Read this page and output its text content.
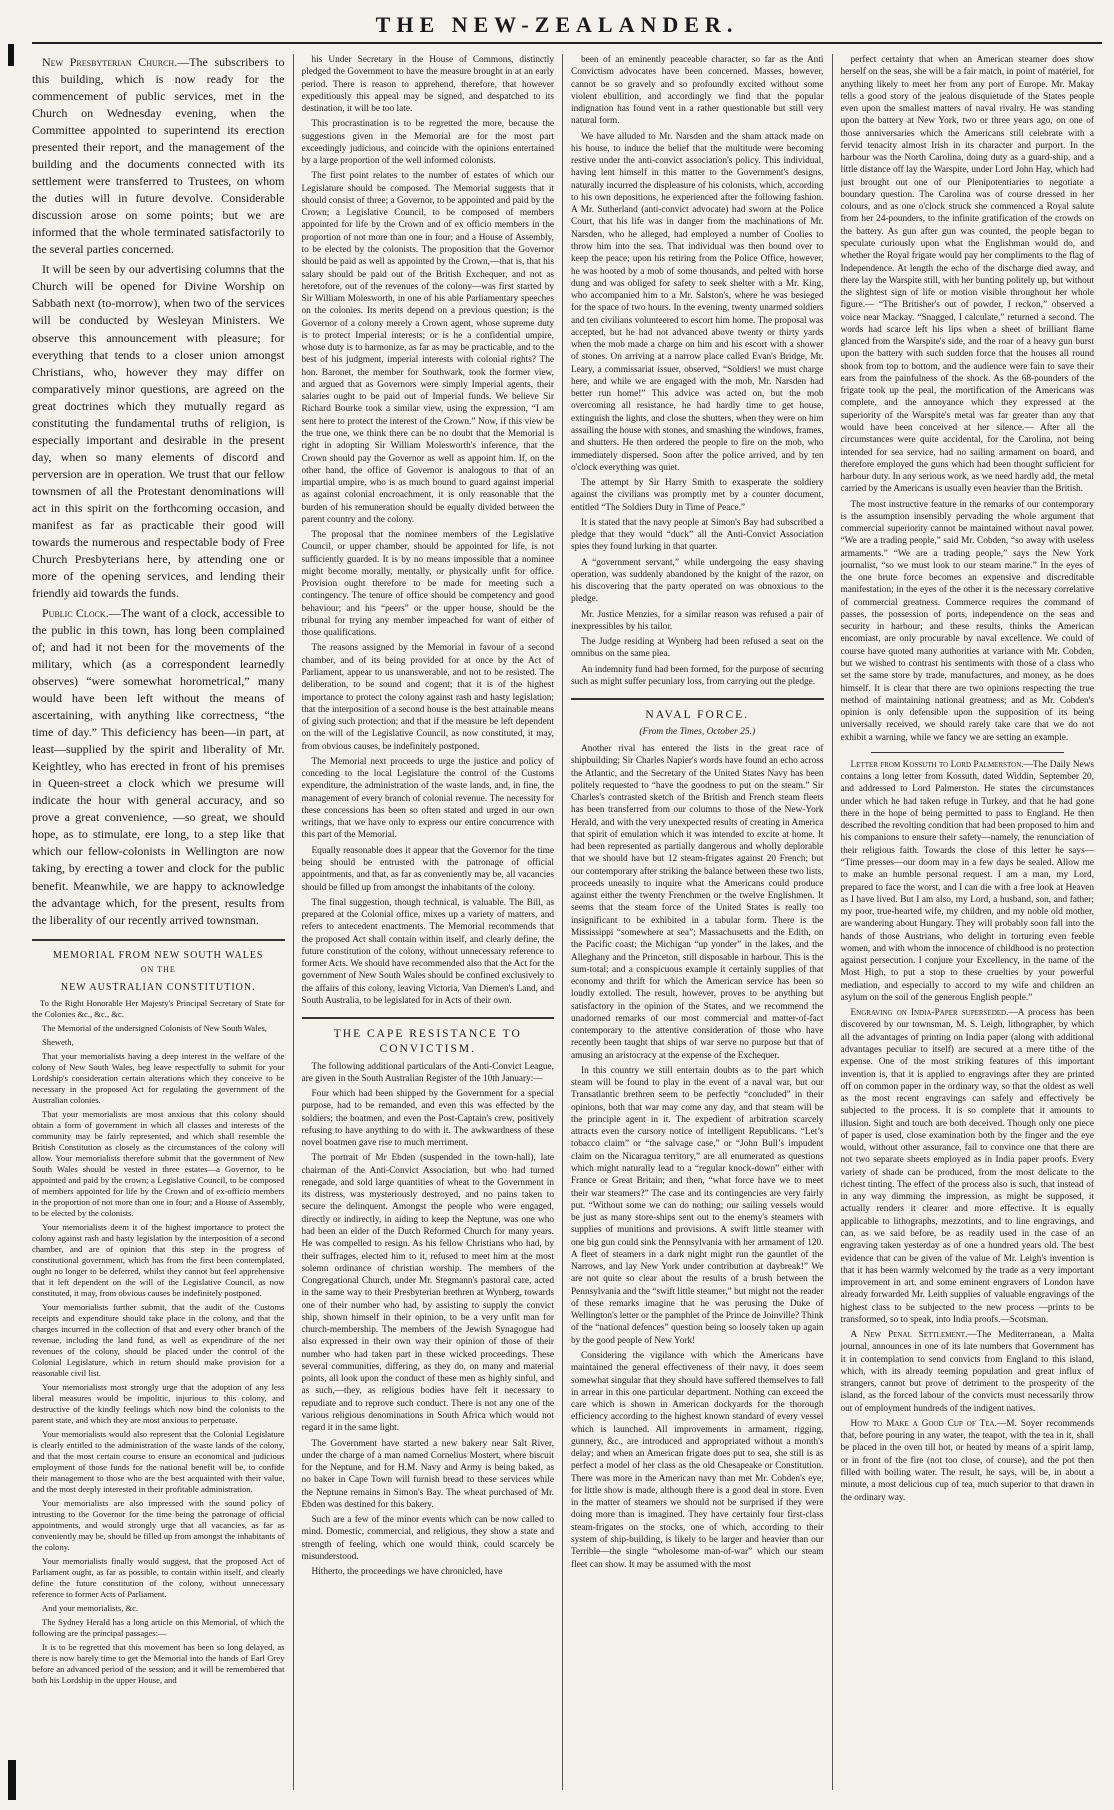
THE NEW-ZEALANDER.

New Presbyterian Church.—The subscribers to this building, which is now ready for the commencement of public services, met in the Church on Wednesday evening, when the Committee appointed to superintend its erection presented their report, and the management of the building and the documents connected with its settlement were transferred to Trustees, on whom the duties will in future devolve. Considerable discussion arose on some points; but we are informed that the whole terminated satisfactorily to the several parties concerned.

It will be seen by our advertising columns that the Church will be opened for Divine Worship on Sabbath next (to-morrow), when two of the services will be conducted by Wesleyan Ministers. We observe this announcement with pleasure; for everything that tends to a closer union amongst Christians, who, however they may differ on comparatively minor questions, are agreed on the great doctrines which they mutually regard as constituting the fundamental truths of religion, is especially important and desirable in the present day, when so many elements of discord and perversion are in operation. We trust that our fellow townsmen of all the Protestant denominations will act in this spirit on the forthcoming occasion, and manifest as far as practicable their good will towards the numerous and respectable body of Free Church Presbyterians here, by attending one or more of the opening services, and lending their friendly aid towards the funds.

Public Clock.—The want of a clock, accessible to the public in this town, has long been complained of; and had it not been for the movements of the military, which (as a correspondent learnedly observes) “were somewhat horometrical,” many would have been left without the means of ascertaining, with anything like correctness, “the time of day.” This deficiency has been—in part, at least—supplied by the spirit and liberality of Mr. Keightley, who has erected in front of his premises in Queen-street a clock which we presume will indicate the hour with general accuracy, and so prove a great convenience, —so great, we should hope, as to stimulate, ere long, to a step like that which our fellow-colonists in Wellington are now taking, by erecting a tower and clock for the public benefit. Meanwhile, we are happy to acknowledge the advantage which, for the present, results from the liberality of our recently arrived townsman.

MEMORIAL FROM NEW SOUTH WALES
ON THE
NEW AUSTRALIAN CONSTITUTION.

To the Right Honorable Her Majesty's Principal Secretary of State for the Colonies &c., &c., &c.

The Memorial of the undersigned Colonists of New South Wales,

Sheweth,

That your memorialists having a deep interest in the welfare of the colony of New South Wales, beg leave respectfully to submit for your Lordship's consideration certain alterations which they conceive to be necessary in the proposed Act for regulating the government of the Australian colonies.

That your memorialists are most anxious that this colony should obtain a form of government in which all classes and interests of the community may be fairly represented, and which shall resemble the British Constitution as closely as the circumstances of the colony will allow. Your memorialists therefore submit that the government of New South Wales should be vested in three estates—a Governor, to be appointed and paid by the crown; a Legislative Council, to be composed of members appointed for life by the Crown and of ex-officio members in the proportion of not more than one in four; and a House of Assembly, to be elected by the colonists.

Your memorialists deem it of the highest importance to protect the colony against rash and hasty legislation by the interposition of a second chamber, and are of opinion that this step in the progress of constitutional government, which has from the first been contemplated, ought no longer to be deferred, whilst they cannot but feel apprehensive that it left dependent on the will of the Legislative Council, as now constituted, it may, from obvious causes be indefinitely postponed.

Your memorialists further submit, that the audit of the Customs receipts and expenditure should take place in the colony, and that the charges incurred in the collection of that and every other branch of the revenue, including the land fund, as well as expenditure of the net revenues of the colony, should be placed under the control of the Colonial Legislature, which in return should make provision for a reasonable civil list.

Your memorialists most strongly urge that the adoption of any less liberal measures would be impolitic, injurious to this colony, and destructive of the kindly feelings which now bind the colonists to the parent state, and which they are most anxious to perpetuate.

Your memorialists would also represent that the Colonial Legislature is clearly entitled to the administration of the waste lands of the colony, and that the most certain course to ensure an economical and judicious employment of those funds for the national benefit will be, to confide their management to those who are the best acquainted with their value, and the most deeply interested in their profitable administration.

Your memorialists are also impressed with the sound policy of intrusting to the Governor for the time being the patronage of official appointments, and would strongly urge that all vacancies, as far as conveniently may be, should be filled up from amongst the inhabitants of the colony.

Your memorialists finally would suggest, that the proposed Act of Parliament ought, as far as possible, to contain within itself, and clearly define the future constitution of the colony, without unnecessary reference to former Acts of Parliament.

And your memorialists, &c.

The Sydney Herald has a long article on this Memorial, of which the following are the principal passages:—

It is to be regretted that this movement has been so long delayed, as there is now barely time to get the Memorial into the hands of Earl Grey before an advanced period of the session; and it will be remembered that both his Lordship in the upper House, and

his Under Secretary in the House of Commons, distinctly pledged the Government to have the measure brought in at an early period. There is reason to apprehend, therefore, that however expeditiously this appeal may be signed, and despatched to its destination, it will be too late.

This procrastination is to be regretted the more, because the suggestions given in the Memorial are for the most part exceedingly judicious, and coincide with the opinions entertained by a large proportion of the well informed colonists.

The first point relates to the number of estates of which our Legislature should be composed. The Memorial suggests that it should consist of three; a Governor, to be appointed and paid by the Crown; a Legislative Council, to be composed of members appointed for life by the Crown and of ex officio members in the proportion of not more than one in four; and a House of Assembly, to be elected by the colonists. The proposition that the Governor should be paid as well as appointed by the Crown,—that is, that his salary should be paid out of the British Exchequer, and not as heretofore, out of the revenues of the colony—was first started by Sir William Molesworth, in one of his able Parliamentary speeches on the colonies. Its merits depend on a previous question; is the Governor of a colony merely a Crown agent, whose supreme duty is to protect Imperial interests; or is he a confidential umpire, whose duty is to harmonize, as far as may be practicable, and to the best of his judgment, imperial interests with colonial rights? The hon. Baronet, the member for Southwark, took the former view, and argued that as Governors were simply Imperial agents, their salaries ought to be paid out of Imperial funds. We believe Sir Richard Bourke took a similar view, using the expression, “I am sent here to protect the interest of the Crown.” Now, if this view be the true one, we think there can be no doubt that the Memorial is right in adopting Sir William Molesworth's inference, that the Crown should pay the Governor as well as appoint him. If, on the other hand, the office of Governor is analogous to that of an impartial umpire, who is as much bound to guard against imperial as against colonial encroachment, it is only reasonable that the burden of his remuneration should be equally divided between the parent country and the colony.

The proposal that the nominee members of the Legislative Council, or upper chamber, should be appointed for life, is not sufficiently guarded. It is by no means impossible that a nominee might become morally, mentally, or physically unfit for office. Provision ought therefore to be made for meeting such a contingency. The tenure of office should be competency and good behaviour; and his “peers” or the upper house, should be the tribunal for trying any member impeached for want of either of those qualifications.

The reasons assigned by the Memorial in favour of a second chamber, and of its being provided for at once by the Act of Parliament, appear to us unanswerable, and not to be resisted. The deliberation, to be sound and cogent; that it is of the highest importance to protect the colony against rash and hasty legislation; that the interposition of a second house is the best attainable means of giving such protection; and that if the measure be left dependent on the will of the Legislative Council, as now constituted, it may, from obvious causes, be indefinitely postponed.

The Memorial next proceeds to urge the justice and policy of conceding to the local Legislature the control of the Customs expenditure, the administration of the waste lands, and, in fine, the management of every branch of colonial revenue. The necessity for these concessions has been so often stated and urged in our own writings, that we have only to express our entire concurrence with this part of the Memorial.

Equally reasonable does it appear that the Governor for the time being should be entrusted with the patronage of official appointments, and that, as far as conveniently may be, all vacancies should be filled up from amongst the inhabitants of the colony.

The final suggestion, though technical, is valuable. The Bill, as prepared at the Colonial office, mixes up a variety of matters, and refers to antecedent enactments. The Memorial recommends that the proposed Act shall contain within itself, and clearly define, the future constitution of the colony, without unnecessary reference to former Acts. We should have recommended also that the Act for the government of New South Wales should be confined exclusively to the affairs of this colony, leaving Victoria, Van Diemen's Land, and South Australia, to be legislated for in Acts of their own.

THE CAPE RESISTANCE TO CONVICTISM.

The following additional particulars of the Anti-Convict League, are given in the South Australian Register of the 10th January:—

Four which had been shipped by the Government for a special purpose, had to be remanded, and even this was effected by the soldiers; the boatmen, and even the Post-Captain's crew, positively refusing to have anything to do with it. The awkwardness of these novel boatmen gave rise to much merriment.

The portrait of Mr Ebden (suspended in the town-hall), late chairman of the Anti-Convict Association, but who had turned renegade, and sold large quantities of wheat to the Government in its distress, was mysteriously destroyed, and no pains taken to secure the delinquent. Amongst the people who were engaged, directly or indirectly, in aiding to keep the Neptune, was one who had been an elder of the Dutch Reformed Church for many years. He was compelled to resign. As his fellow Christians who had, by their suffrages, elected him to it, refused to meet him at the most solemn ordinance of christian worship. The members of the Congregational Church, under Mr. Stegmann's pastoral care, acted in the same way to their Presbyterian brethren at Wynberg, towards one of their number who had, by assisting to supply the convict ship, shown himself in their opinion, to be a very unfit man for church-membership. The members of the Jewish Synagogue had also expressed in their own way their opinion of those of their number who had taken part in these wicked proceedings. These several communities, differing, as they do, on many and material points, all look upon the conduct of these men as highly sinful, and as such,—they, as religious bodies have felt it necessary to repudiate and to reprove such conduct. There is not any one of the various religious denominations in South Africa which would not regard it in the same light.

The Government have started a new bakery near Salt River, under the charge of a man named Cornelius Mostert, where biscuit for the Neptune, and for H.M. Navy and Army is being baked, as no baker in Cape Town will furnish bread to these services while the Neptune remains in Simon's Bay. The wheat purchased of Mr. Ebden was destined for this bakery.

Such are a few of the minor events which can be now called to mind. Domestic, commercial, and religious, they show a state and strength of feeling, which one would think, could scarcely be misunderstood.

Hitherto, the proceedings we have chronicled, have

been of an eminently peaceable character, so far as the Anti Convictism advocates have been concerned. Masses, however, cannot be so gravely and so profoundly excited without some violent ebullition, and accordingly we find that the popular indignation has found vent in a rather questionable but still very natural form.

We have alluded to Mr. Narsden and the sham attack made on his house, to induce the belief that the multitude were becoming restive under the anti-convict association's policy. This individual, having lent himself in this matter to the Government's designs, naturally incurred the displeasure of his colonists, which, according to his own depositions, he experienced after the following fashion. A Mr. Sutherland (anti-convict advocate) had sworn at the Police Court, that his life was in danger from the machinations of Mr. Narsden, who he alleged, had employed a number of Coolies to throw him into the sea. That individual was then bound over to keep the peace; upon his retiring from the Police Office, however, he was hooted by a mob of some thousands, and pelted with horse dung and was obliged for safety to seek shelter with a Mr. King, who accompanied him to a Mr. Salston's, where he was besieged for the space of two hours. In the evening, twenty unarmed soldiers and ten civilians volunteered to escort him home. The proposal was accepted, but he had not advanced above twenty or thirty yards when the mob made a charge on him and his escort with a shower of stones. On arriving at a narrow place called Evan's Bridge, Mr. Leary, a commissariat issuer, observed, “Soldiers! we must charge here, and while we are engaged with the mob, Mr. Narsden had better run home!” This advice was acted on, but the mob overcoming all resistance, he had hardly time to get house, extinguish the lights, and close the shutters, when they were on him assailing the house with stones, and smashing the windows, frames, and shutters. He then ordered the people to fire on the mob, who immediately dispersed. Soon after the police arrived, and by ten o'clock everything was quiet.

The attempt by Sir Harry Smith to exasperate the soldiery against the civilians was promptly met by a counter document, entitled “The Soldiers Duty in Time of Peace.”

It is stated that the navy people at Simon's Bay had subscribed a pledge that they would “duck” all the Anti-Convict Association spies they found lurking in that quarter.

A “government servant,” while undergoing the easy shaving operation, was suddenly abandoned by the knight of the razor, on his discovering that the party operated on was obnoxious to the pledge.

Mr. Justice Menzies, for a similar reason was refused a pair of inexpressibles by his tailor.

The Judge residing at Wynberg had been refused a seat on the omnibus on the same plea.

An indemnity fund had been formed, for the purpose of securing such as might suffer pecuniary loss, from carrying out the pledge.

NAVAL FORCE.
(From the Times, October 25.)

Another rival has entered the lists in the great race of shipbuilding; Sir Charles Napier's words have found an echo across the Atlantic, and the Secretary of the United States Navy has been politely requested to “have the goodness to put on the steam.” Sir Charles's contrasted sketch of the British and French steam fleets has been transferred from our columns to those of the New-York Herald, and with the very unexpected results of creating in America that spirit of emulation which it was intended to excite at home. It had been represented as partially dangerous and wholly deplorable that we should have but 12 steam-frigates against 20 French; but our contemporary after striking the balance between these two lists, proceeds uneasily to inquire what the Americans could produce against either the twenty Frenchmen or the twelve Englishmen. It seems that the steam force of the United States is really too insignificant to be exhibited in a tabular form. There is the Mississippi “somewhere at sea”; Massachusetts and the Edith, on the Pacific coast; the Michigan “up yonder” in the lakes, and the Alleghany and the Princeton, still disposable in harbour. This is the sum-total; and a conspicuous example it certainly supplies of that economy and thrift for which the American service has been so loudly extolled. The result, however, proves to be anything but satisfactory in the opinion of the States, and we recommend the unadorned remarks of our most commercial and matter-of-fact contemporary to the attentive consideration of those who have recently been taught that ships of war serve no purpose but that of amusing an aristocracy at the expense of the Exchequer.

In this country we still entertain doubts as to the part which steam will be found to play in the event of a naval war, but our Transatlantic brethren seem to be perfectly “concluded” in their opinions, both that war may come any day, and that steam will be the principle agent in it. The expedient of arbitration scarcely attracts even the cursory notice of intelligent Republicans. “Let’s tobacco claim” or “the salvage case,” or “John Bull’s impudent claim on the Nicaragua territory,” are all enumerated as questions which might naturally lead to a “regular knock-down” either with France or Great Britain; and then, “what force have we to meet their war steamers?” The case and its contingencies are very fairly put. “Without some we can do nothing; our sailing vessels would be just as many store-ships sent out to the enemy's steamers with supplies of munitions and provisions. A swift little steamer with one big gun could sink the Pennsylvania with her armament of 120. A fleet of steamers in a dark night might run the gauntlet of the Narrows, and lay New York under contribution at daybreak!” We are not quite so clear about the results of a brush between the Pennsylvania and the “swift little steamer,” but might not the reader of these remarks imagine that he was perusing the Duke of Wellington's letter or the pamphlet of the Prince de Joinville? Think of the “national defences” question being so loosely taken up again by the good people of New York!

Considering the vigilance with which the Americans have maintained the general effectiveness of their navy, it does seem somewhat singular that they should have suffered themselves to fall in arrear in this one particular department. Nothing can exceed the care which is shown in American dockyards for the thorough efficiency according to the highest known standard of every vessel which is launched. All improvements in armament, rigging, gunnery, &c., are introduced and appropriated without a month's delay; and when an American frigate does put to sea, she still is as perfect a model of her class as the old Chesapeake or Constitution. There was more in the American navy than met Mr. Cobden's eye, for little show is made, although there is a good deal in store. Even in the matter of steamers we should not be surprised if they were doing more than is imagined. They have certainly four first-class steam-frigates on the stocks, one of which, according to their system of ship-building, is likely to be larger and heavier than our Terrible—the single “wholesome man-of-war” which our steam fleet can show. It may be assumed with the most

perfect certainty that when an American steamer does show herself on the seas, she will be a fair match, in point of matériel, for anything likely to meet her from any port of Europe. Mr. Makay tells a good story of the jealous disquietude of the States people even upon the smallest matters of naval rivalry. He was standing upon the battery at New York, two or three years ago, on one of those anniversaries which the Americans still celebrate with a fervid tenacity almost Irish in its character and purport. In the harbour was the North Carolina, doing duty as a guard-ship, and a little distance off lay the Warspite, under Lord John Hay, which had just brought out one of our Plenipotentiaries to negotiate a boundary question. The Carolina was of course dressed in her colours, and as one o'clock struck she commenced a Royal salute from her 24-pounders, to the infinite gratification of the crowds on the battery. As gun after gun was counted, the people began to speculate curiously upon what the Englishman would do, and whether the Royal frigate would pay her compliments to the flag of Independence. At length the echo of the discharge died away, and there lay the Warspite still, with her bunting politely up, but without the slightest sign of life or motion visible throughout her whole figure.— “The Britisher's out of powder, I reckon,” observed a voice near Mackay. “Snagged, I calculate,” returned a second. The words had scarce left his lips when a sheet of brilliant flame glanced from the Warspite's side, and the roar of a heavy gun burst upon the battery with such sudden force that the houses all round shook from top to bottom, and the audience were fain to save their ears from the painfulness of the shock. As the 68-pounders of the frigate took up the peal, the mortification of the Americans was complete, and the annoyance which they expressed at the superiority of the Warspite's metal was far greater than any that would have been conceived at her silence.— After all the circumstances were quite accidental, for the Carolina, not being intended for sea service, had no sailing armament on board, and therefore employed the guns which had been thought sufficient for harbour duty. In any serious work, as we need hardly add, the metal carried by the Americans is usually even heavier than the British.

The most instructive feature in the remarks of our contemporary is the assumption insensibly pervading the whole argument that commercial superiority cannot be maintained without naval power. “We are a trading people,” said Mr. Cobden, “so away with useless armaments.” “We are a trading people,” says the New York journalist, “so we must look to our steam marine.” In the eyes of the one brute force becomes an expensive and discreditable manifestation; in the eyes of the other it is the necessary correlative of commercial greatness. Commerce requires the command of passes, the possession of ports, independence on the seas and security in harbour; and these results, thinks the American encomiast, are only procurable by naval excellence. We could of course have quoted many authorities at variance with Mr. Cobden, but we wished to contrast his sentiments with those of a class who set the same store by trade, manufactures, and money, as he does himself. It is clear that there are two opinions respecting the true method of maintaining national greatness; and as Mr. Cobden's opinion is only defensible upon the supposition of its being universally received, we should rarely take care that we do not exhibit a warning, while we fancy we are setting an example.

Letter from Kossuth to Lord Palmerston.—The Daily News contains a long letter from Kossuth, dated Widdin, September 20, and addressed to Lord Palmerston. He states the circumstances under which he had taken refuge in Turkey, and that he had gone there in the hope of being permitted to pass to England. He then described the revolting condition that had been proposed to him and his companions to ensure their safety—namely, the renunciation of their religious faith. Towards the close of this letter he says— “Time presses—our doom may in a few days be sealed. Allow me to make an humble personal request. I am a man, my Lord, prepared to face the worst, and I can die with a free look at Heaven as I have lived. But I am also, my Lord, a husband, son, and father; my poor, true-hearted wife, my children, and my noble old mother, are wandering about Hungary. They will probably soon fall into the hands of those Austrians, who delight in torturing even feeble women, and with whom the innocence of childhood is no protection against persecution. I conjure your Excellency, in the name of the Most High, to put a stop to these cruelties by your powerful mediation, and especially to accord to my wife and children an asylum on the soil of the generous English people.”

Engraving on India-Paper superseded.—A process has been discovered by our townsman, M. S. Leigh, lithographer, by which all the advantages of printing on India paper (along with additional advantages peculiar to itself) are secured at a mere tithe of the expense. One of the most striking features of this important invention is, that it is applied to engravings after they are printed off on common paper in the ordinary way, so that the oldest as well as the most recent engravings can safely and effectively be subjected to the process. It is so complete that it amounts to illusion. Sight and touch are both deceived. Though only one piece of paper is used, close examination both by the finger and the eye would, without other assurance, fail to convince one that there are not two separate sheets employed as in India paper proofs. Every variety of shade can be produced, from the most delicate to the richest tinting. The effect of the process also is such, that instead of in any way dimming the impression, as might be supposed, it actually renders it clearer and more effective. It is equally applicable to lithographs, mezzotints, and to line engravings, and can, as we said before, be as readily used in the case of an engraving taken yesterday as of one a hundred years old. The best evidence that can be given of the value of Mr. Leigh's invention is that it has been warmly welcomed by the trade as a very important improvement in art, and some eminent engravers of London have already forwarded Mr. Leith supplies of valuable engravings of the highest class to be subjected to the new process —prints to be transformed, so to speak, into India proofs.—Scotsman.

A New Penal Settlement.—The Mediterranean, a Malta journal, announces in one of its late numbers that Government has it in contemplation to send convicts from England to this island, which, with its already teeming population and great influx of strangers, cannot but prove of detriment to the prosperity of the island, as the forced labour of the convicts must necessarily throw out of employment hundreds of the indigent natives.

How to Make a Good Cup of Tea.—M. Soyer recommends that, before pouring in any water, the teapot, with the tea in it, shall be placed in the oven till hot, or heated by means of a spirit lamp, or in front of the fire (not too close, of course), and the pot then filled with boiling water. The result, he says, will be, in about a minute, a most delicious cup of tea, much superior to that drawn in the ordinary way.
